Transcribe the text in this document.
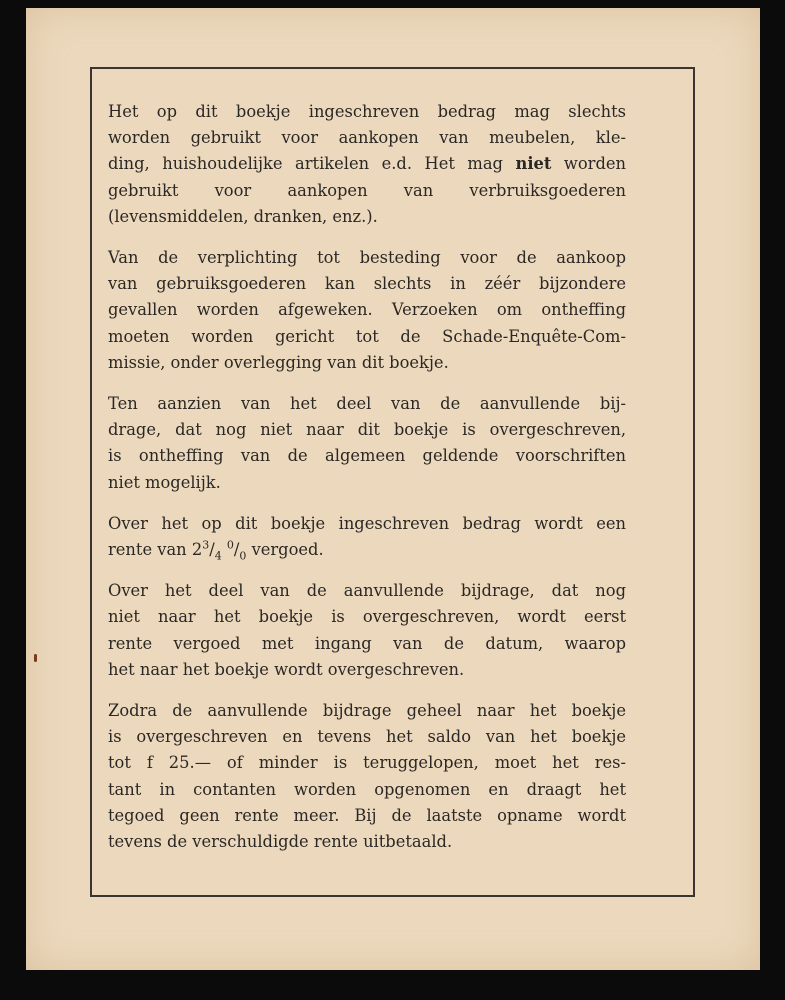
Het op dit boekje ingeschreven bedrag mag slechts
worden gebruikt voor aankopen van meubelen, kle-
ding, huishoudelijke artikelen e.d. Het mag niet worden
gebruikt voor aankopen van verbruiksgoederen
(levensmiddelen, dranken, enz.).
Van de verplichting tot besteding voor de aankoop
van gebruiksgoederen kan slechts in zéér bijzondere
gevallen worden afgeweken. Verzoeken om ontheffing
moeten worden gericht tot de Schade-Enquête-Com-
missie, onder overlegging van dit boekje.
Ten aanzien van het deel van de aanvullende bij-
drage, dat nog niet naar dit boekje is overgeschreven,
is ontheffing van de algemeen geldende voorschriften
niet mogelijk.
Over het op dit boekje ingeschreven bedrag wordt een
rente van $2^3/_4$ $^0/_0$ vergoed.
Over het deel van de aanvullende bijdrage, dat nog
niet naar het boekje is overgeschreven, wordt eerst
rente vergoed met ingang van de datum, waarop
het naar het boekje wordt overgeschreven.
Zodra de aanvullende bijdrage geheel naar het boekje
is overgeschreven en tevens het saldo van het boekje
tot f 25.— of minder is teruggelopen, moet het res-
tant in contanten worden opgenomen en draagt het
tegoed geen rente meer. Bij de laatste opname wordt
tevens de verschuldigde rente uitbetaald.
